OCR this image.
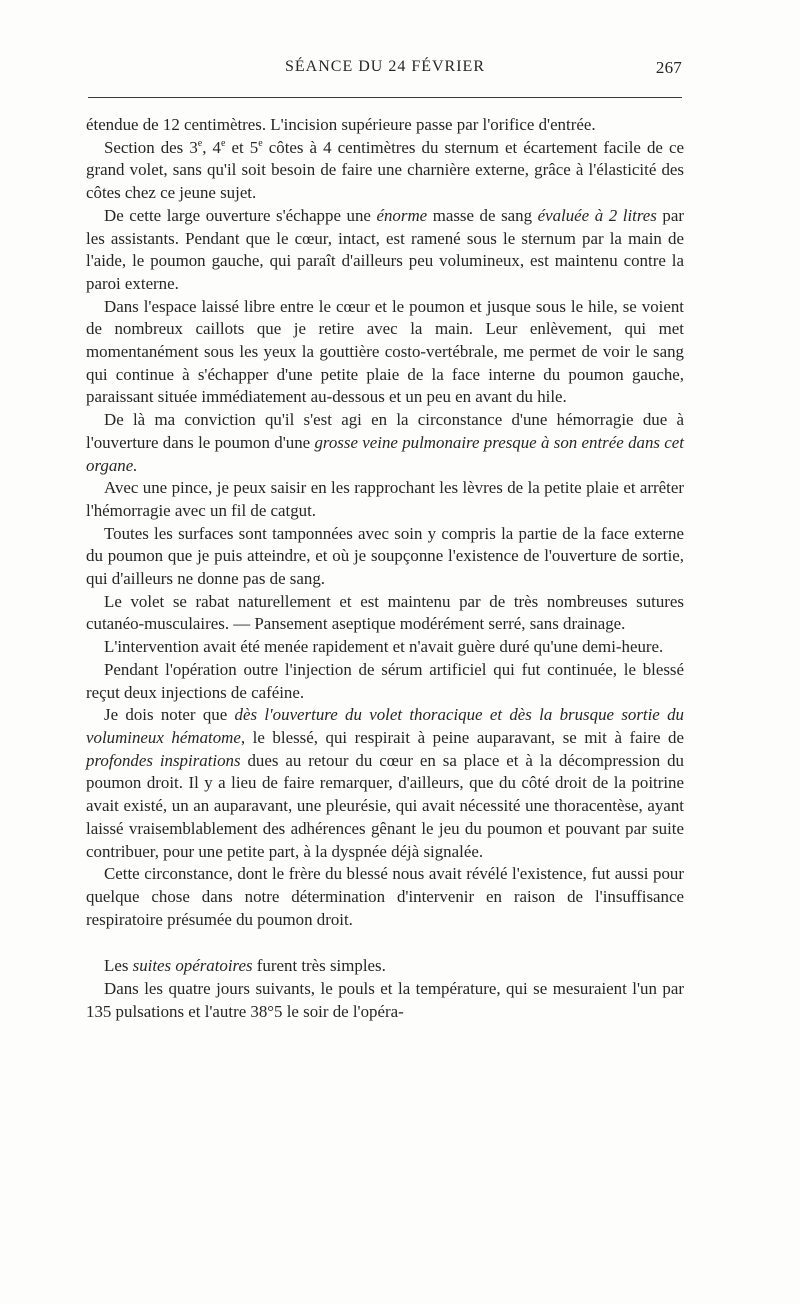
SÉANCE DU 24 FÉVRIER	267

étendue de 12 centimètres. L'incision supérieure passe par l'orifice d'entrée.

Section des 3e, 4e et 5e côtes à 4 centimètres du sternum et écartement facile de ce grand volet, sans qu'il soit besoin de faire une charnière externe, grâce à l'élasticité des côtes chez ce jeune sujet.

De cette large ouverture s'échappe une énorme masse de sang évaluée à 2 litres par les assistants. Pendant que le cœur, intact, est ramené sous le sternum par la main de l'aide, le poumon gauche, qui paraît d'ailleurs peu volumineux, est maintenu contre la paroi externe.

Dans l'espace laissé libre entre le cœur et le poumon et jusque sous le hile, se voient de nombreux caillots que je retire avec la main. Leur enlèvement, qui met momentanément sous les yeux la gouttière costo-vertébrale, me permet de voir le sang qui continue à s'échapper d'une petite plaie de la face interne du poumon gauche, paraissant située immédiatement au-dessous et un peu en avant du hile.

De là ma conviction qu'il s'est agi en la circonstance d'une hémorragie due à l'ouverture dans le poumon d'une grosse veine pulmonaire presque à son entrée dans cet organe.

Avec une pince, je peux saisir en les rapprochant les lèvres de la petite plaie et arrêter l'hémorragie avec un fil de catgut.

Toutes les surfaces sont tamponnées avec soin y compris la partie de la face externe du poumon que je puis atteindre, et où je soupçonne l'existence de l'ouverture de sortie, qui d'ailleurs ne donne pas de sang.

Le volet se rabat naturellement et est maintenu par de très nombreuses sutures cutanéo-musculaires. — Pansement aseptique modérément serré, sans drainage.

L'intervention avait été menée rapidement et n'avait guère duré qu'une demi-heure.

Pendant l'opération outre l'injection de sérum artificiel qui fut continuée, le blessé reçut deux injections de caféine.

Je dois noter que dès l'ouverture du volet thoracique et dès la brusque sortie du volumineux hématome, le blessé, qui respirait à peine auparavant, se mit à faire de profondes inspirations dues au retour du cœur en sa place et à la décompression du poumon droit. Il y a lieu de faire remarquer, d'ailleurs, que du côté droit de la poitrine avait existé, un an auparavant, une pleurésie, qui avait nécessité une thoracentèse, ayant laissé vraisemblablement des adhérences gênant le jeu du poumon et pouvant par suite contribuer, pour une petite part, à la dyspnée déjà signalée.

Cette circonstance, dont le frère du blessé nous avait révélé l'existence, fut aussi pour quelque chose dans notre détermination d'intervenir en raison de l'insuffisance respiratoire présumée du poumon droit.

Les suites opératoires furent très simples.

Dans les quatre jours suivants, le pouls et la température, qui se mesuraient l'un par 135 pulsations et l'autre 38°5 le soir de l'opéra-
